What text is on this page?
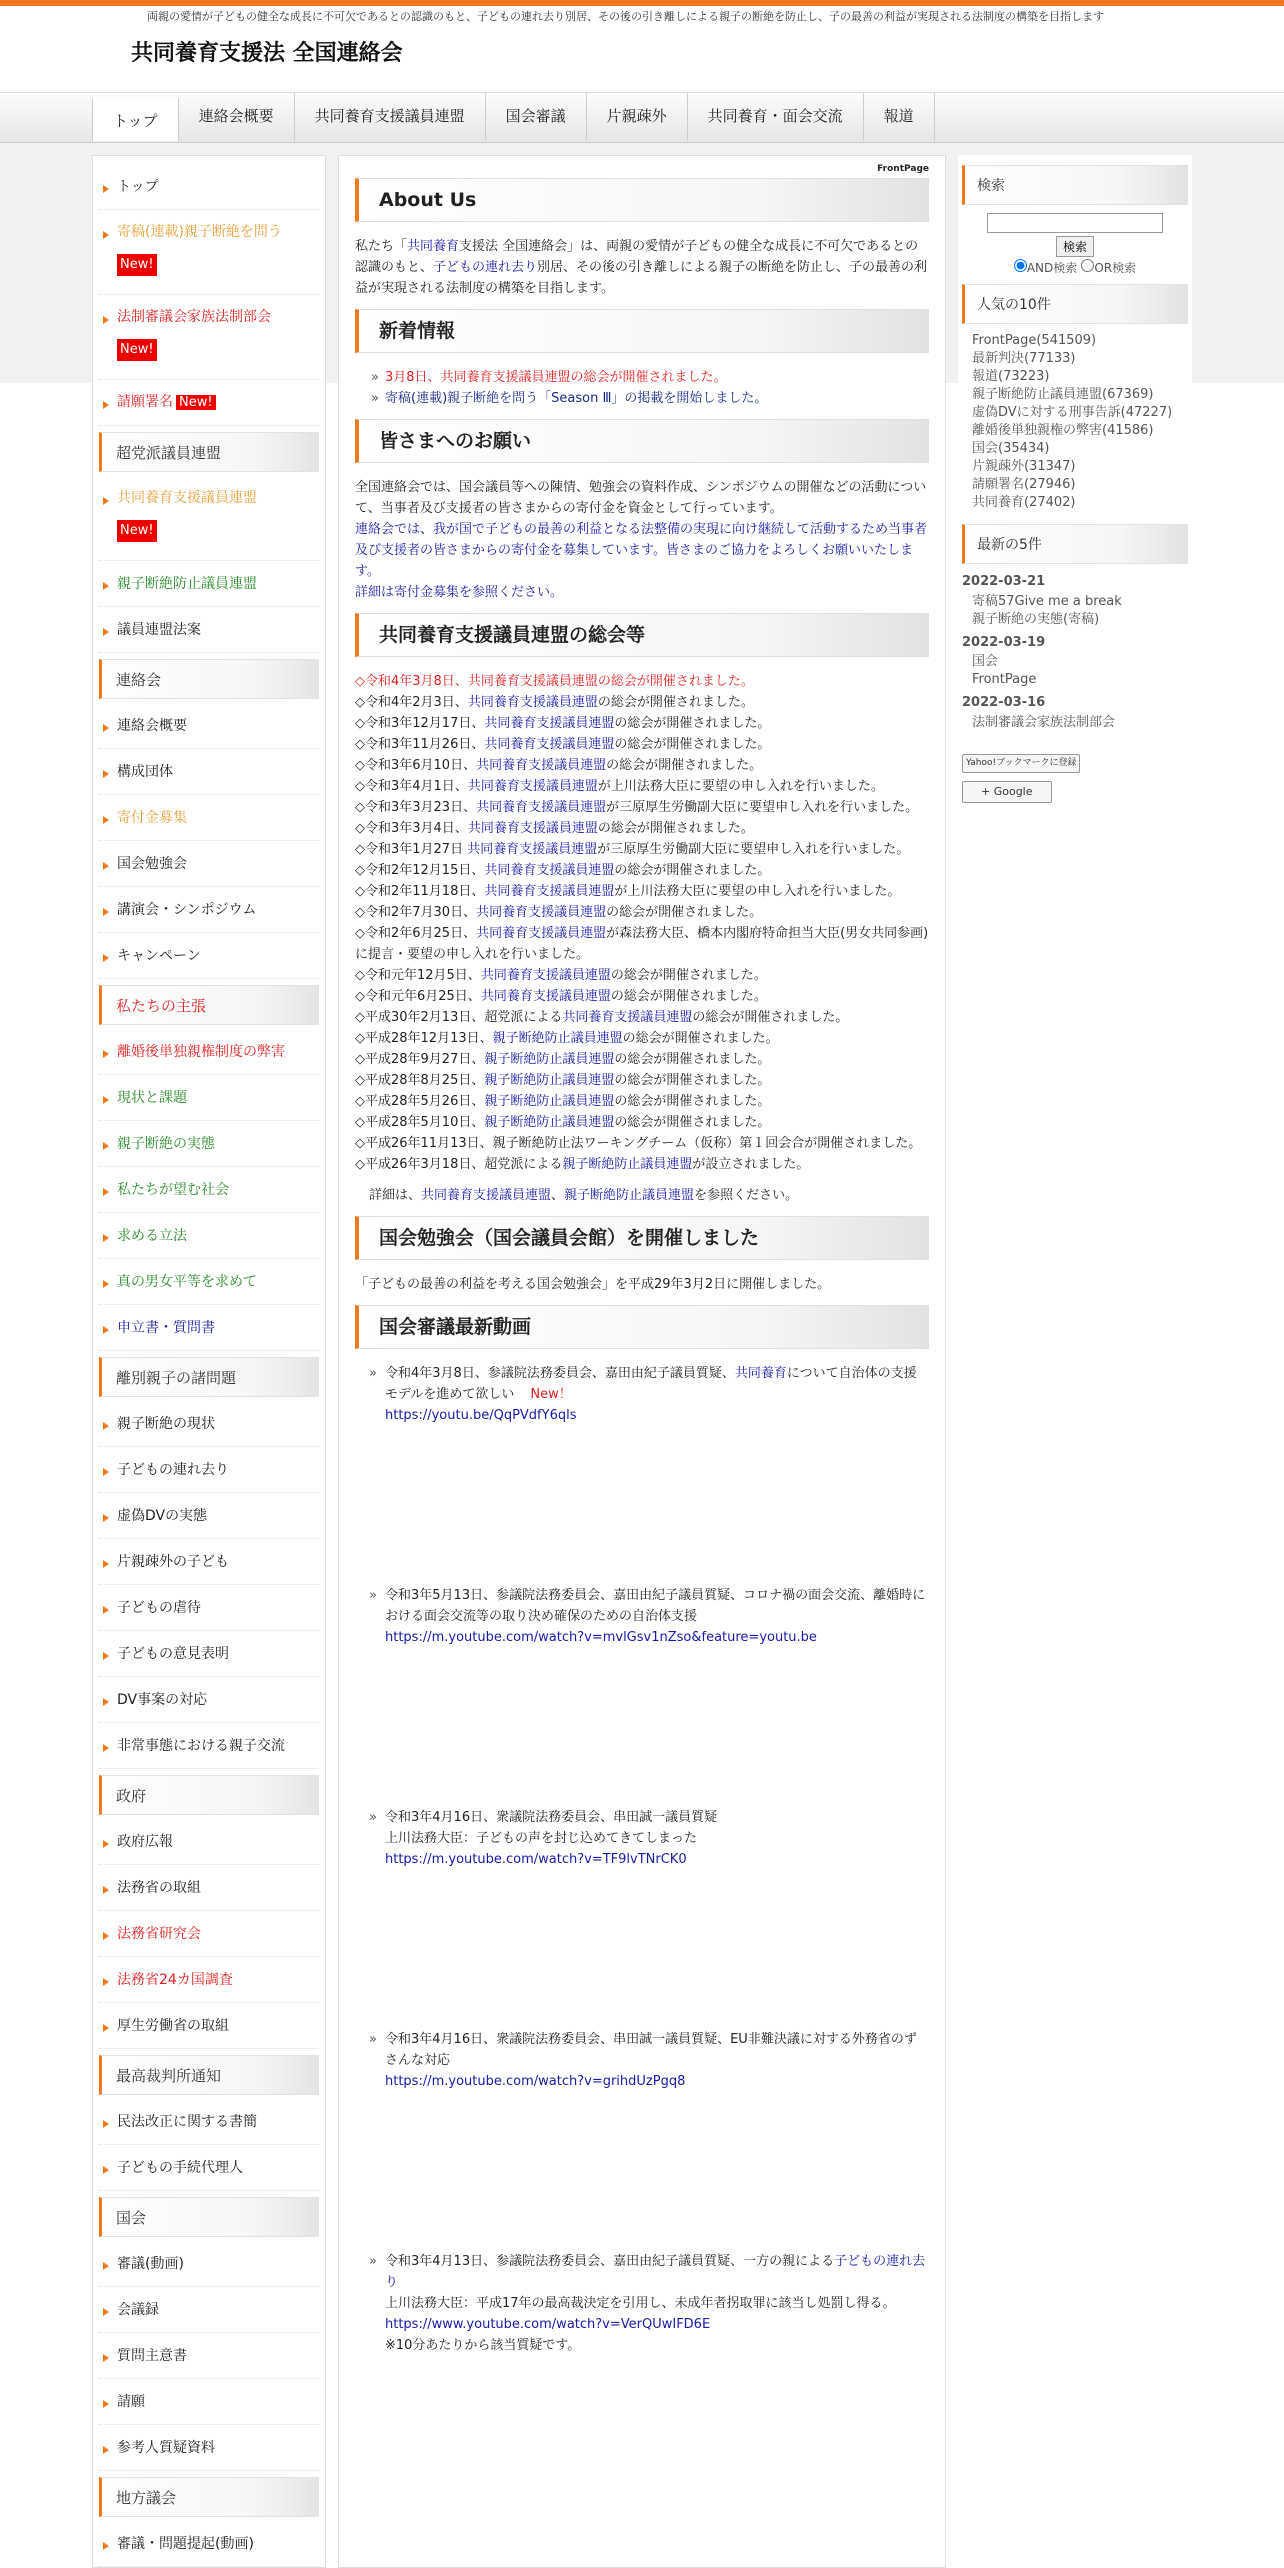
両親の愛情が子どもの健全な成長に不可欠であるとの認識のもと、子どもの連れ去り別居、その後の引き離しによる親子の断絶を防止し、子の最善の利益が実現される法制度の構築を目指します
共同養育支援法 全国連絡会
トップ	連絡会概要	共同養育支援議員連盟	国会審議	片親疎外	共同養育・面会交流	報道
トップ
寄稿(連載)親子断絶を問う
New!
法制審議会家族法制部会
New!
請願署名 New!
超党派議員連盟
共同養育支援議員連盟
New!
親子断絶防止議員連盟
議員連盟法案
連絡会
連絡会概要
構成団体
寄付金募集
国会勉強会
講演会・シンポジウム
キャンペーン
私たちの主張
離婚後単独親権制度の弊害
現状と課題
親子断絶の実態
私たちが望む社会
求める立法
真の男女平等を求めて
申立書・質問書
離別親子の諸問題
親子断絶の現状
子どもの連れ去り
虚偽DVの実態
片親疎外の子ども
子どもの虐待
子どもの意見表明
DV事案の対応
非常事態における親子交流
政府
政府広報
法務省の取組
法務省研究会
法務省24カ国調査
厚生労働省の取組
最高裁判所通知
民法改正に関する書簡
子どもの手続代理人
国会
審議(動画)
会議録
質問主意書
請願
参考人質疑資料
地方議会
審議・問題提起(動画)
FrontPage
About Us
私たち「共同養育支援法 全国連絡会」は、両親の愛情が子どもの健全な成長に不可欠であるとの認識のもと、子どもの連れ去り別居、その後の引き離しによる親子の断絶を防止し、子の最善の利益が実現される法制度の構築を目指します。
新着情報
» 3月8日、共同養育支援議員連盟の総会が開催されました。
» 寄稿(連載)親子断絶を問う「Season Ⅲ」の掲載を開始しました。
皆さまへのお願い
全国連絡会では、国会議員等への陳情、勉強会の資料作成、シンポジウムの開催などの活動について、当事者及び支援者の皆さまからの寄付金を資金として行っています。
連絡会では、我が国で子どもの最善の利益となる法整備の実現に向け継続して活動するため当事者及び支援者の皆さまからの寄付金を募集しています。皆さまのご協力をよろしくお願いいたします。
詳細は寄付金募集を参照ください。
共同養育支援議員連盟の総会等
◇令和4年3月8日、共同養育支援議員連盟の総会が開催されました。
◇令和4年2月3日、共同養育支援議員連盟の総会が開催されました。
◇令和3年12月17日、共同養育支援議員連盟の総会が開催されました。
◇令和3年11月26日、共同養育支援議員連盟の総会が開催されました。
◇令和3年6月10日、共同養育支援議員連盟の総会が開催されました。
◇令和3年4月1日、共同養育支援議員連盟が上川法務大臣に要望の申し入れを行いました。
◇令和3年3月23日、共同養育支援議員連盟が三原厚生労働副大臣に要望申し入れを行いました。
◇令和3年3月4日、共同養育支援議員連盟の総会が開催されました。
◇令和3年1月27日 共同養育支援議員連盟が三原厚生労働副大臣に要望申し入れを行いました。
◇令和2年12月15日、共同養育支援議員連盟の総会が開催されました。
◇令和2年11月18日、共同養育支援議員連盟が上川法務大臣に要望の申し入れを行いました。
◇令和2年7月30日、共同養育支援議員連盟の総会が開催されました。
◇令和2年6月25日、共同養育支援議員連盟が森法務大臣、橋本内閣府特命担当大臣(男女共同参画) に提言・要望の申し入れを行いました。
◇令和元年12月5日、共同養育支援議員連盟の総会が開催されました。
◇令和元年6月25日、共同養育支援議員連盟の総会が開催されました。
◇平成30年2月13日、超党派による共同養育支援議員連盟の総会が開催されました。
◇平成28年12月13日、親子断絶防止議員連盟の総会が開催されました。
◇平成28年9月27日、親子断絶防止議員連盟の総会が開催されました。
◇平成28年8月25日、親子断絶防止議員連盟の総会が開催されました。
◇平成28年5月26日、親子断絶防止議員連盟の総会が開催されました。
◇平成28年5月10日、親子断絶防止議員連盟の総会が開催されました。
◇平成26年11月13日、親子断絶防止法ワーキングチーム（仮称）第１回会合が開催されました。
◇平成26年3月18日、超党派による親子断絶防止議員連盟が設立されました。
詳細は、共同養育支援議員連盟、親子断絶防止議員連盟を参照ください。
国会勉強会（国会議員会館）を開催しました
「子どもの最善の利益を考える国会勉強会」を平成29年3月2日に開催しました。
国会審議最新動画
» 令和4年3月8日、参議院法務委員会、嘉田由紀子議員質疑、共同養育について自治体の支援モデルを進めて欲しい New！
https://youtu.be/QqPVdfY6qls
» 令和3年5月13日、参議院法務委員会、嘉田由紀子議員質疑、コロナ禍の面会交流、離婚時における面会交流等の取り決め確保のための自治体支援
https://m.youtube.com/watch?v=mvlGsv1nZso&feature=youtu.be
» 令和3年4月16日、衆議院法務委員会、串田誠一議員質疑
上川法務大臣：子どもの声を封じ込めてきてしまった
https://m.youtube.com/watch?v=TF9lvTNrCK0
» 令和3年4月16日、衆議院法務委員会、串田誠一議員質疑、EU非難決議に対する外務省のずさんな対応
https://m.youtube.com/watch?v=grihdUzPgq8
» 令和3年4月13日、参議院法務委員会、嘉田由紀子議員質疑、一方の親による子どもの連れ去り
上川法務大臣：平成17年の最高裁決定を引用し、未成年者拐取罪に該当し処罰し得る。
https://www.youtube.com/watch?v=VerQUwIFD6E
※10分あたりから該当質疑です。
検索

検索
AND検索 OR検索
人気の10件
FrontPage(541509)
最新判決(77133)
報道(73223)
親子断絶防止議員連盟(67369)
虚偽DVに対する刑事告訴(47227)
離婚後単独親権の弊害(41586)
国会(35434)
片親疎外(31347)
請願署名(27946)
共同養育(27402)
最新の5件
2022-03-21
寄稿57Give me a break
親子断絶の実態(寄稿)
2022-03-19
国会
FrontPage
2022-03-16
法制審議会家族法制部会
Yahoo!ブックマークに登録
+ Google
